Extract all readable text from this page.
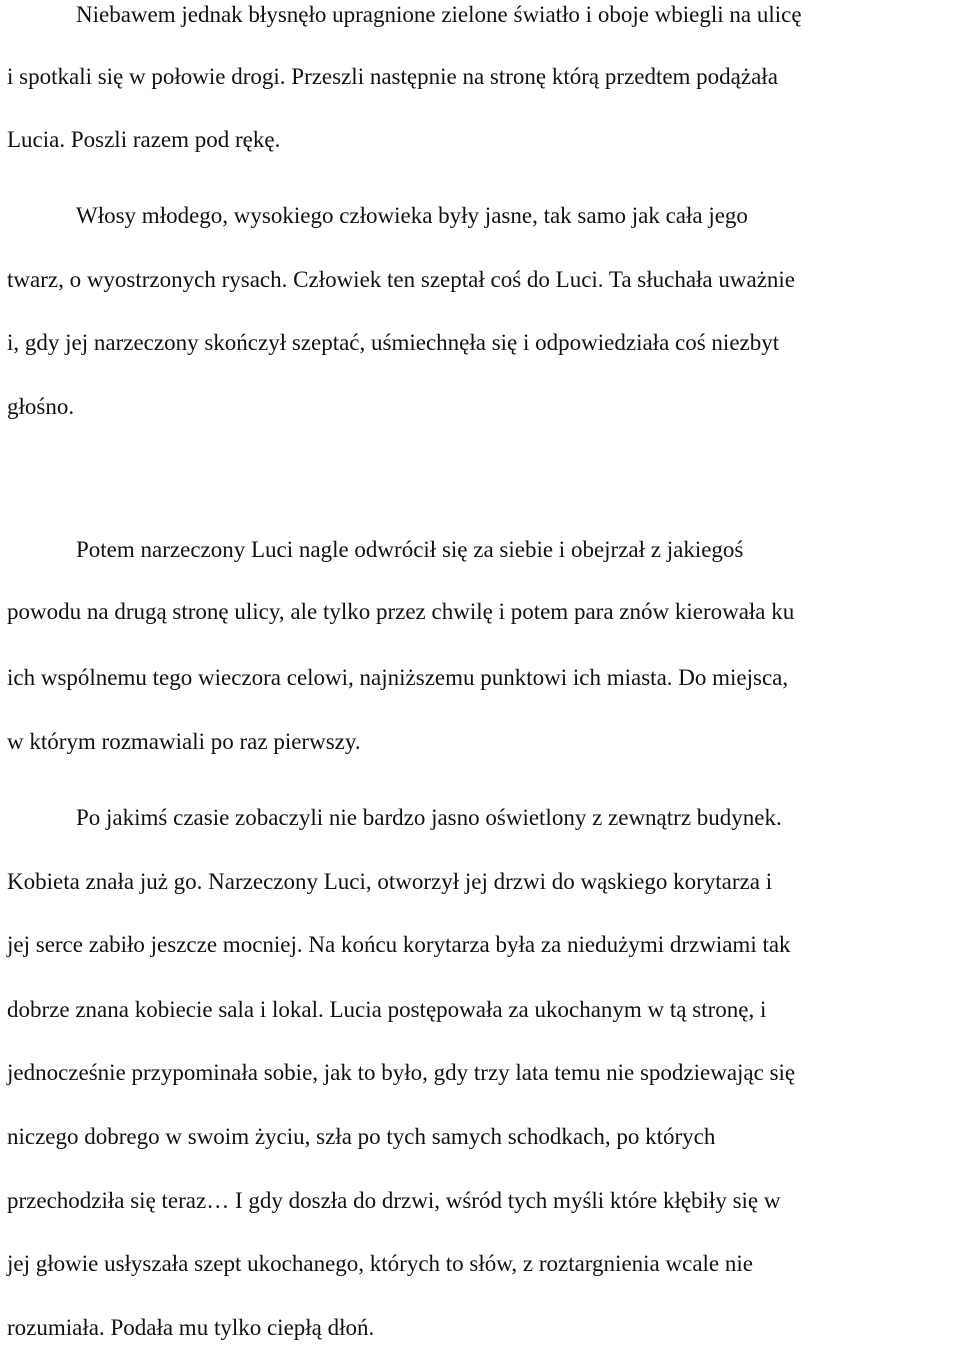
Niebawem jednak błysnęło upragnione zielone światło i oboje wbiegli na ulicę

i spotkali się w połowie drogi. Przeszli następnie na stronę którą przedtem podążała

Lucia. Poszli razem pod rękę.

Włosy młodego, wysokiego człowieka były jasne, tak samo jak cała jego

twarz, o wyostrzonych rysach. Człowiek ten szeptał coś do Luci. Ta słuchała uważnie

i, gdy jej narzeczony skończył szeptać, uśmiechnęła się i odpowiedziała coś niezbyt

głośno.

Potem narzeczony Luci nagle odwrócił się za siebie i obejrzał z jakiegoś

powodu na drugą stronę ulicy, ale tylko przez chwilę i potem para znów kierowała ku

ich wspólnemu tego wieczora celowi, najniższemu punktowi ich miasta. Do miejsca,

w którym rozmawiali po raz pierwszy.

Po jakimś czasie zobaczyli nie bardzo jasno oświetlony z zewnątrz budynek.

Kobieta znała już go. Narzeczony Luci, otworzył jej drzwi do wąskiego korytarza i

jej serce zabiło jeszcze mocniej. Na końcu korytarza była za niedużymi drzwiami tak

dobrze znana kobiecie sala i lokal. Lucia postępowała za ukochanym w tą stronę, i

jednocześnie przypominała sobie, jak to było, gdy trzy lata temu nie spodziewając się

niczego dobrego w swoim życiu, szła po tych samych schodkach, po których

przechodziła się teraz… I gdy doszła do drzwi, wśród tych myśli które kłębiły się w

jej głowie usłyszała szept ukochanego, których to słów, z roztargnienia wcale nie

rozumiała. Podała mu tylko ciepłą dłoń.
